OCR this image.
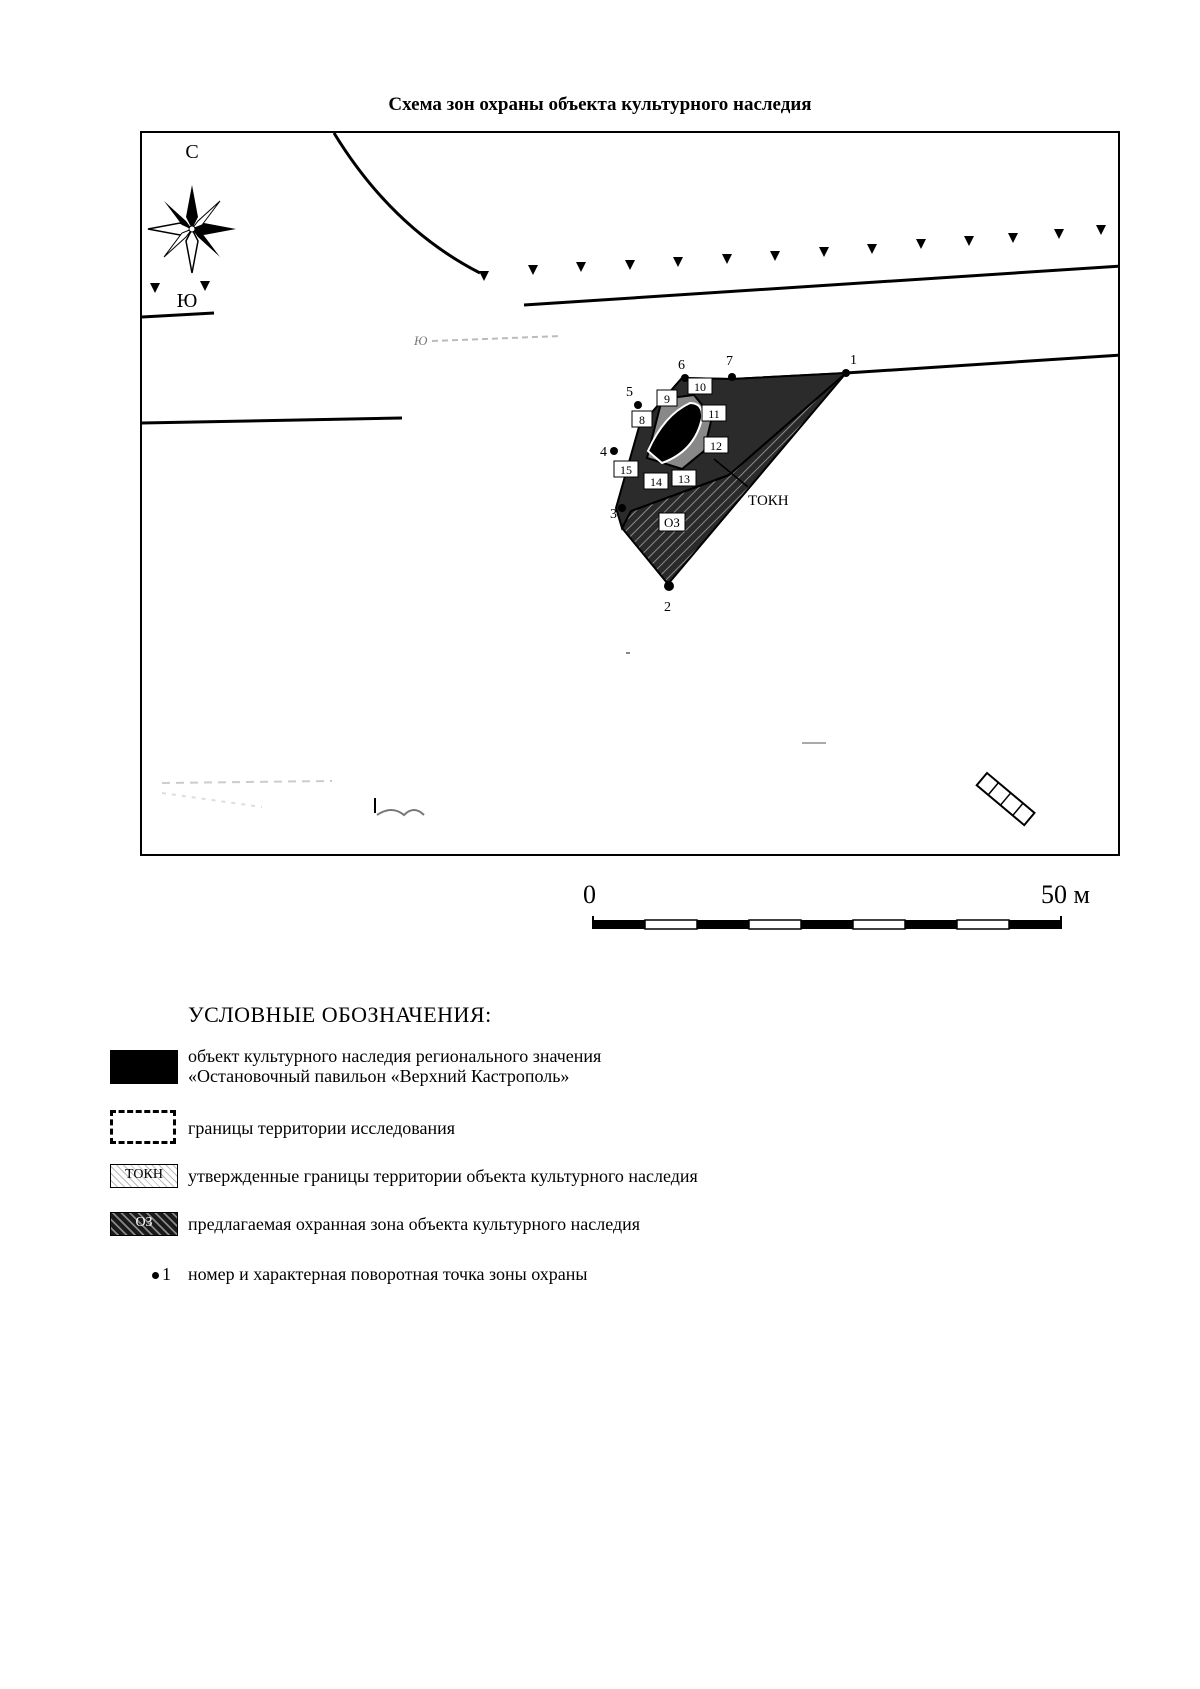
Схема зон охраны объекта культурного наследия
С
Ю
Ю
ТОКН
ОЗ
1
2
3
4
5
6	7
8
9
10
11
12
13
14
15
0	50 м
УСЛОВНЫЕ ОБОЗНАЧЕНИЯ:
объект культурного наследия регионального значения
«Остановочный павильон «Верхний Кастрополь»
границы территории исследования
ТОКН	утвержденные границы территории объекта культурного наследия
ОЗ	предлагаемая охранная зона объекта культурного наследия
1 номер и характерная поворотная точка зоны охраны
